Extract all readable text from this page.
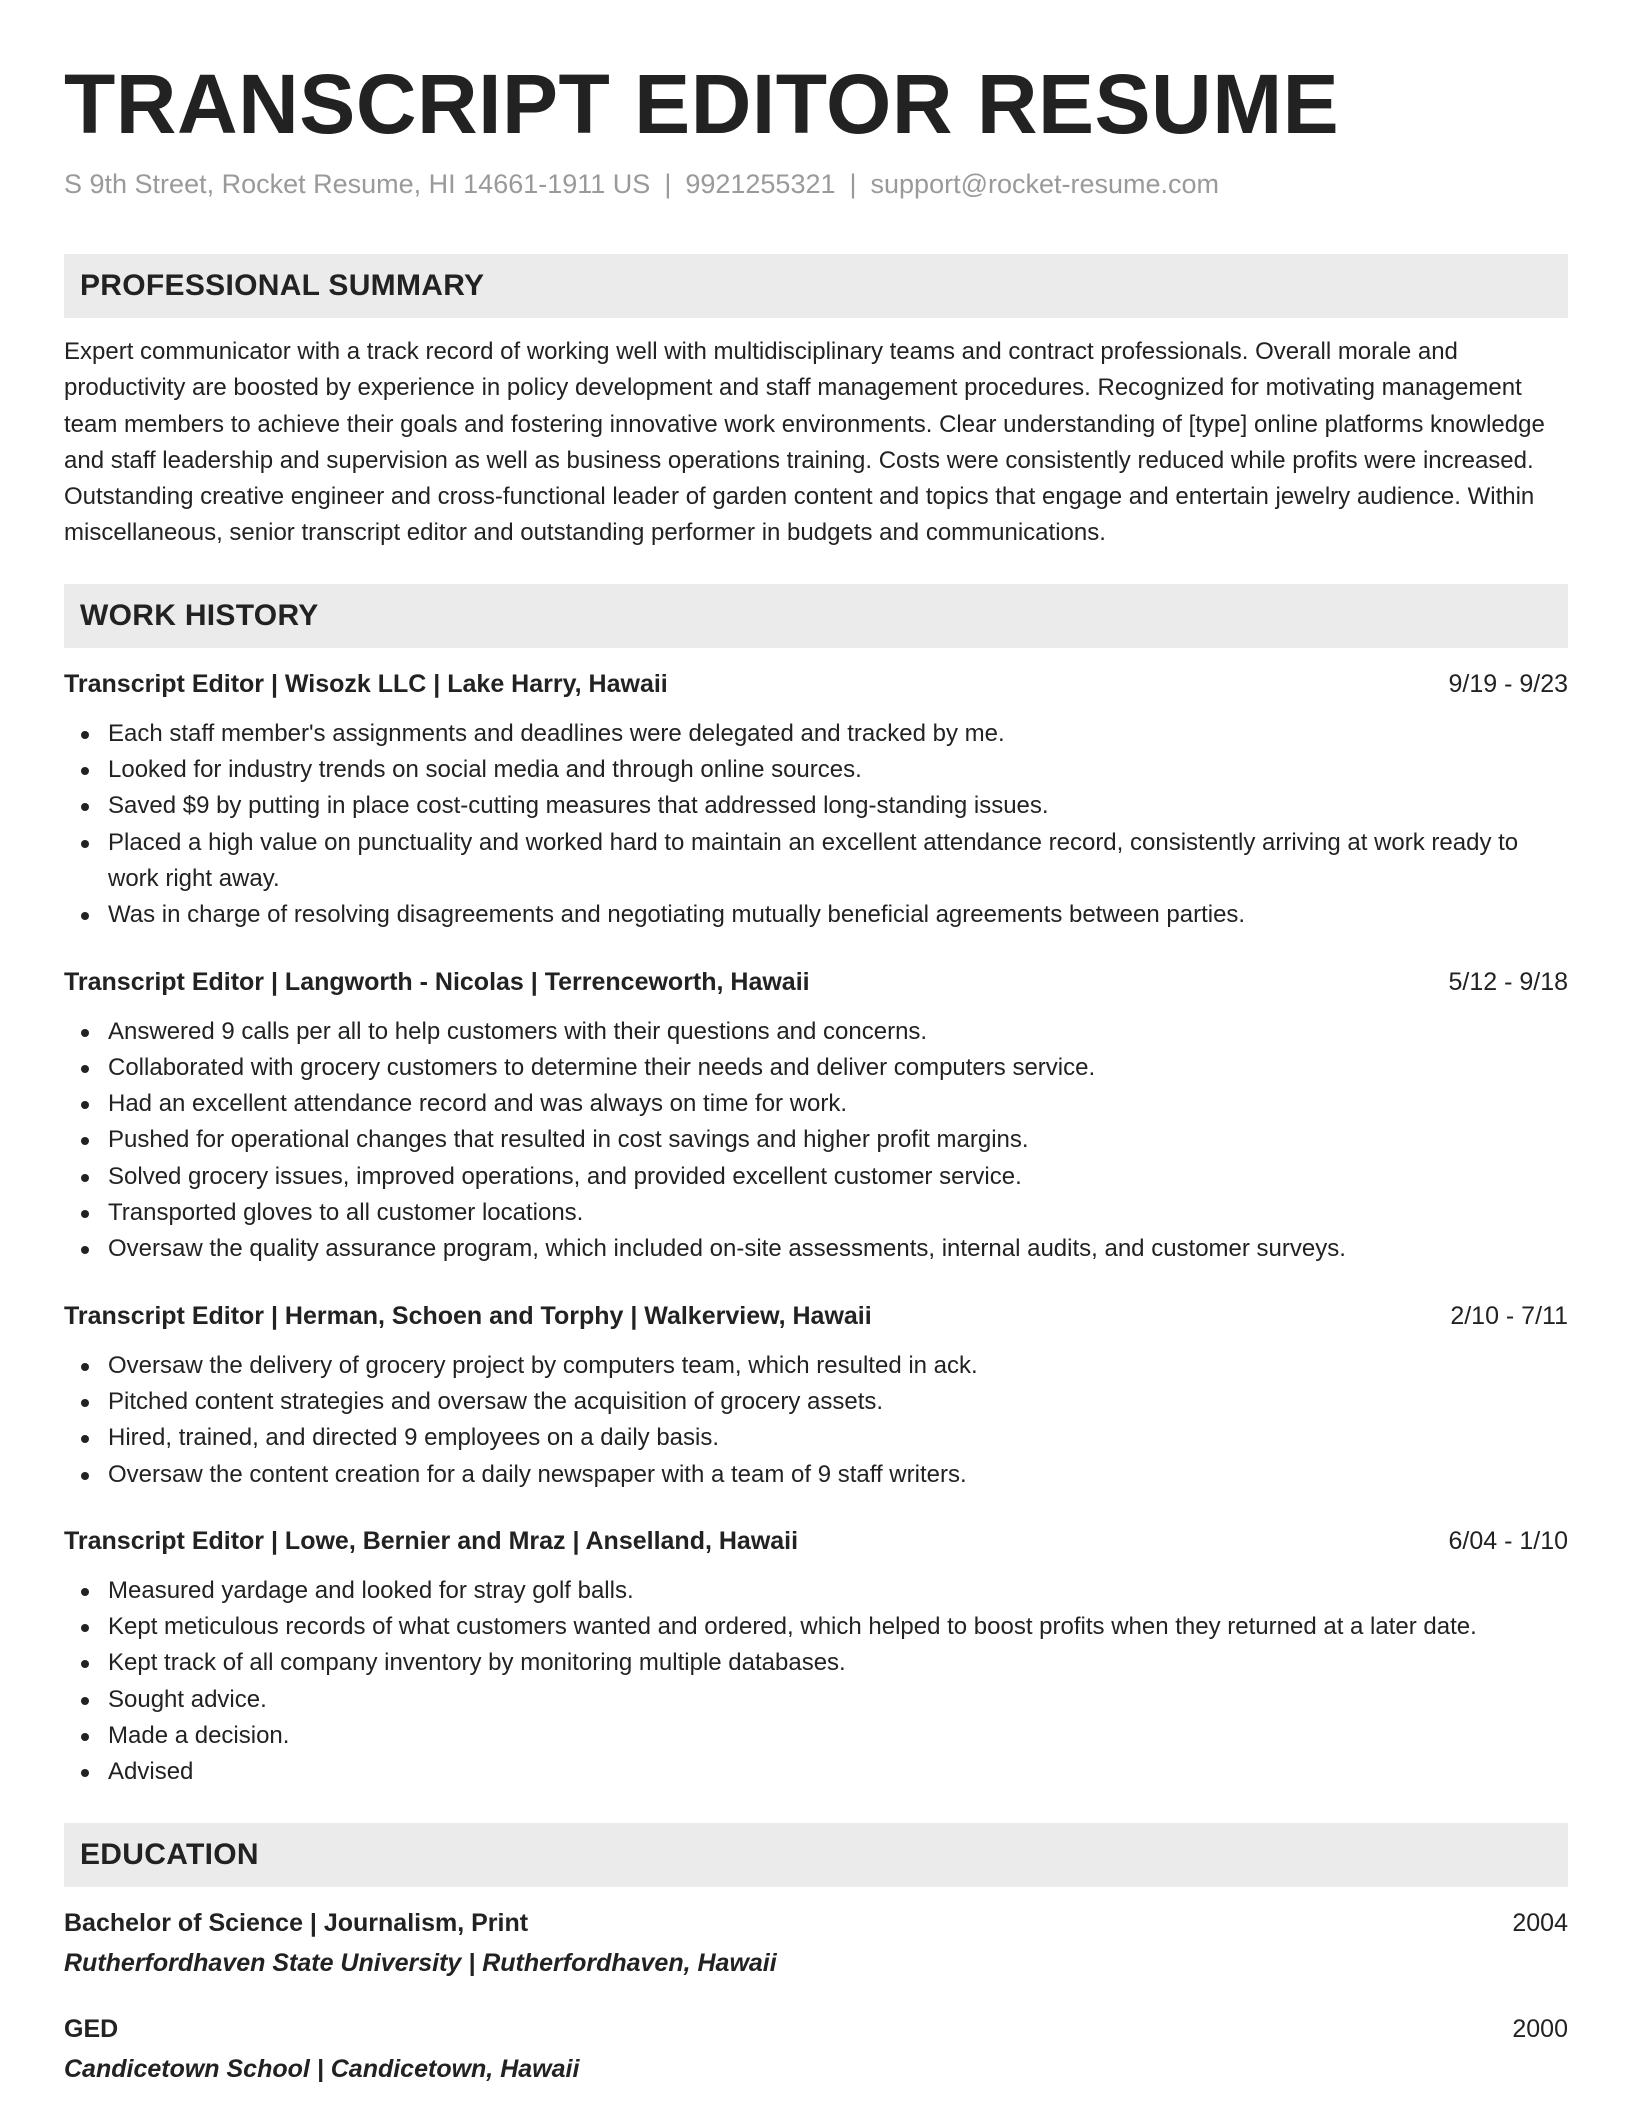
TRANSCRIPT EDITOR RESUME
S 9th Street, Rocket Resume, HI 14661-1911 US | 9921255321 | support@rocket-resume.com
PROFESSIONAL SUMMARY

Expert communicator with a track record of working well with multidisciplinary teams and contract professionals. Overall morale and productivity are boosted by experience in policy development and staff management procedures. Recognized for motivating management team members to achieve their goals and fostering innovative work environments. Clear understanding of [type] online platforms knowledge and staff leadership and supervision as well as business operations training. Costs were consistently reduced while profits were increased. Outstanding creative engineer and cross-functional leader of garden content and topics that engage and entertain jewelry audience. Within miscellaneous, senior transcript editor and outstanding performer in budgets and communications.

WORK HISTORY
Transcript Editor | Wisozk LLC | Lake Harry, Hawaii	9/19 - 9/23
Each staff member's assignments and deadlines were delegated and tracked by me.
Looked for industry trends on social media and through online sources.
Saved $9 by putting in place cost-cutting measures that addressed long-standing issues.
Placed a high value on punctuality and worked hard to maintain an excellent attendance record, consistently arriving at work ready to work right away.
Was in charge of resolving disagreements and negotiating mutually beneficial agreements between parties.
Transcript Editor | Langworth - Nicolas | Terrenceworth, Hawaii	5/12 - 9/18
Answered 9 calls per all to help customers with their questions and concerns.
Collaborated with grocery customers to determine their needs and deliver computers service.
Had an excellent attendance record and was always on time for work.
Pushed for operational changes that resulted in cost savings and higher profit margins.
Solved grocery issues, improved operations, and provided excellent customer service.
Transported gloves to all customer locations.
Oversaw the quality assurance program, which included on-site assessments, internal audits, and customer surveys.
Transcript Editor | Herman, Schoen and Torphy | Walkerview, Hawaii	2/10 - 7/11
Oversaw the delivery of grocery project by computers team, which resulted in ack.
Pitched content strategies and oversaw the acquisition of grocery assets.
Hired, trained, and directed 9 employees on a daily basis.
Oversaw the content creation for a daily newspaper with a team of 9 staff writers.
Transcript Editor | Lowe, Bernier and Mraz | Anselland, Hawaii	6/04 - 1/10
Measured yardage and looked for stray golf balls.
Kept meticulous records of what customers wanted and ordered, which helped to boost profits when they returned at a later date.
Kept track of all company inventory by monitoring multiple databases.
Sought advice.
Made a decision.
Advised
EDUCATION
Bachelor of Science | Journalism, Print	2004
Rutherfordhaven State University | Rutherfordhaven, Hawaii
GED	2000
Candicetown School | Candicetown, Hawaii
